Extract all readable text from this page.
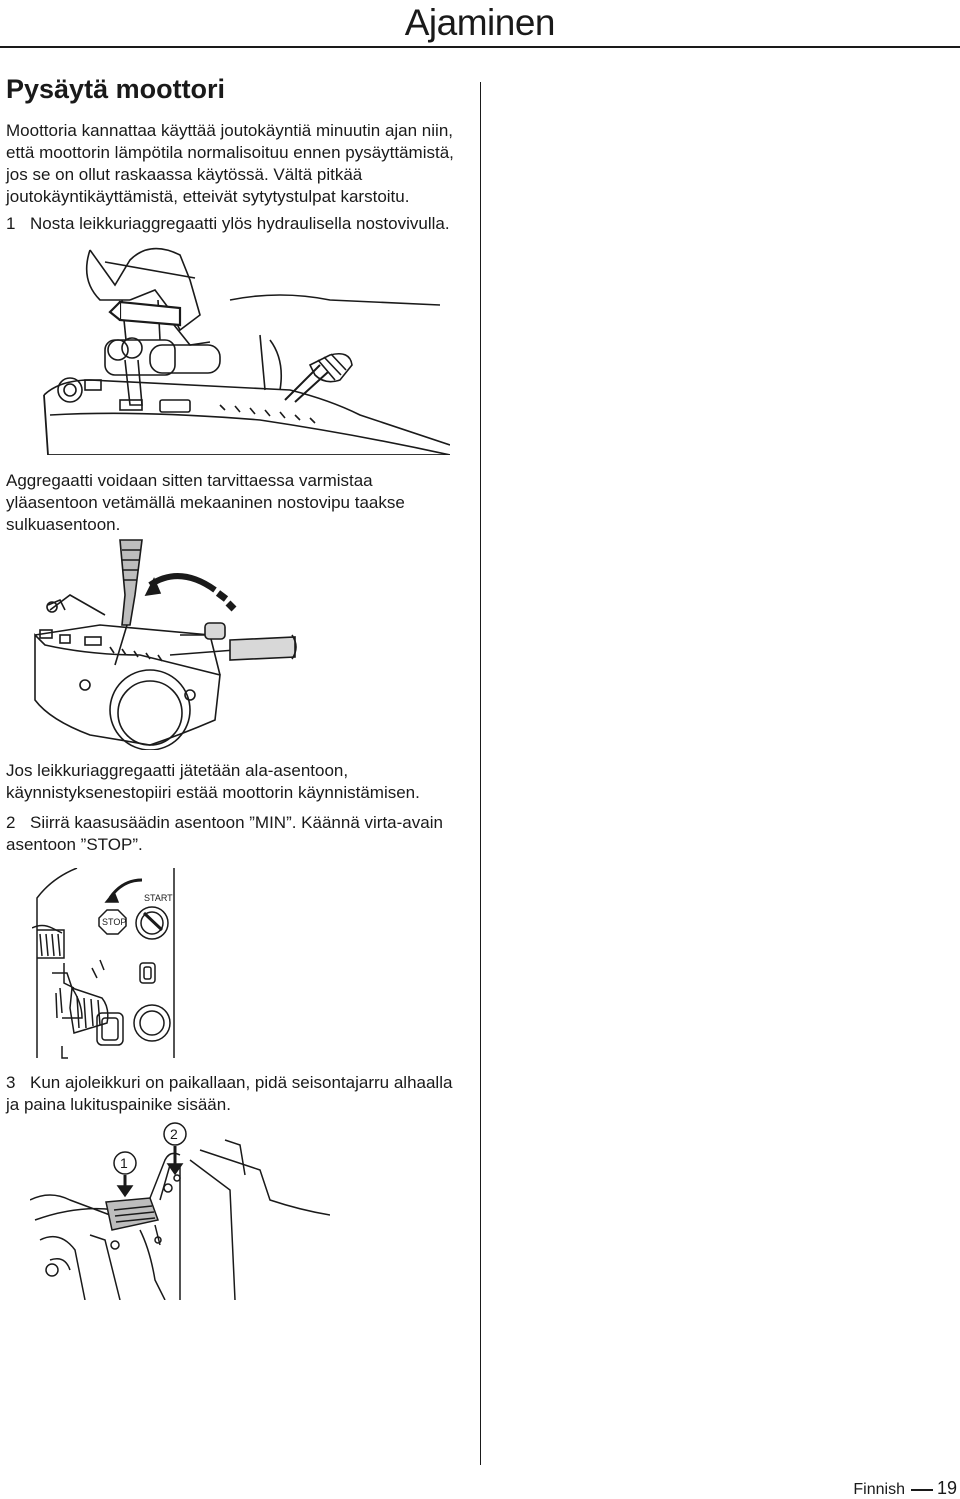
Ajaminen
Pysäytä moottori

Moottoria kannattaa käyttää joutokäyntiä minuutin ajan niin,
että moottorin lämpötila normalisoituu ennen pysäyttämistä,
jos se on ollut raskaassa käytössä. Vältä pitkää
joutokäyntikäyttämistä, etteivät sytytystulpat karstoitu.

1 Nosta leikkuriaggregaatti ylös hydraulisella nostovivulla.

Aggregaatti voidaan sitten tarvittaessa varmistaa
yläasentoon vetämällä mekaaninen nostovipu taakse
sulkuasentoon.

Jos leikkuriaggregaatti jätetään ala-asentoon,
käynnistyksenestopiiri estää moottorin käynnistämisen.

2 Siirrä kaasusäädin asentoon ”MIN”. Käännä virta-avain
asentoon ”STOP”.

STOP
START

3 Kun ajoleikkuri on paikallaan, pidä seisontajarru alhaalla
ja paina lukituspainike sisään.

2
1
Finnish 19
